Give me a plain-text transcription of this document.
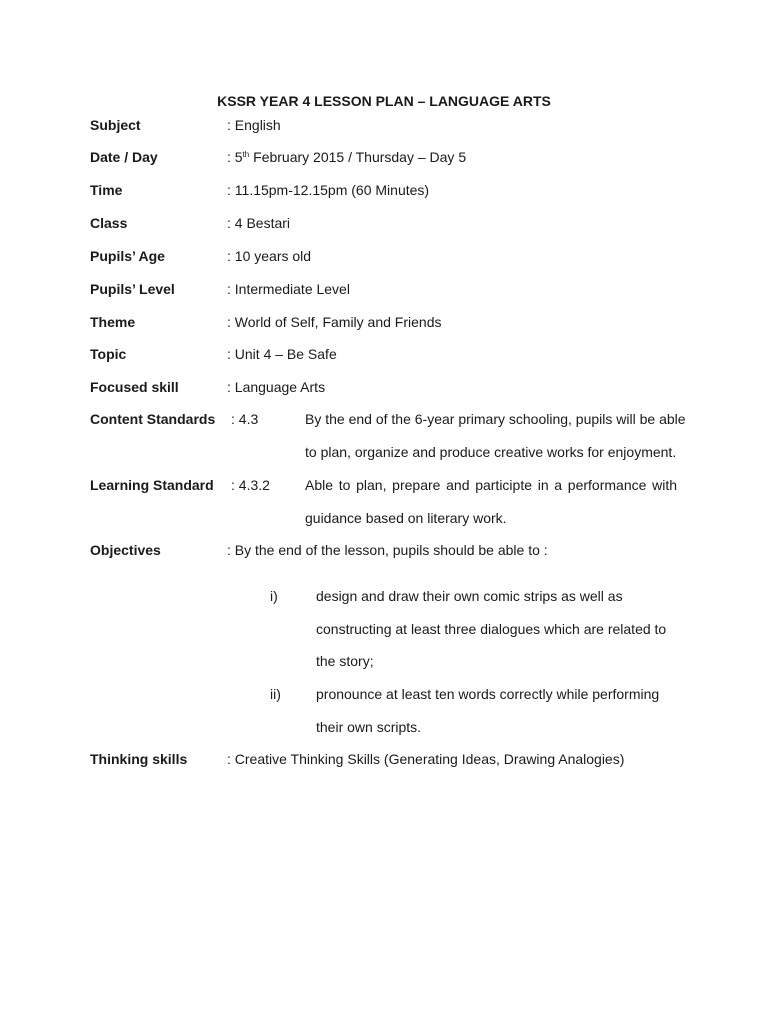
KSSR YEAR 4 LESSON PLAN – LANGUAGE ARTS
Subject	: English
Date / Day	: 5th February 2015 / Thursday – Day 5
Time	: 11.15pm-12.15pm (60 Minutes)
Class	: 4 Bestari
Pupils’ Age	: 10 years old
Pupils’ Level	: Intermediate Level
Theme	: World of Self, Family and Friends
Topic	: Unit 4 – Be Safe
Focused skill	: Language Arts
Content Standards : 4.3	By the end of the 6-year primary schooling, pupils will be able
to plan, organize and produce creative works for enjoyment.
Learning Standard : 4.3.2	Able to plan, prepare and participte in a performance with
guidance based on literary work.
Objectives	: By the end of the lesson, pupils should be able to :
i)	design and draw their own comic strips as well as
constructing at least three dialogues which are related to
the story;
ii)	pronounce at least ten words correctly while performing
their own scripts.
Thinking skills	: Creative Thinking Skills (Generating Ideas, Drawing Analogies)
